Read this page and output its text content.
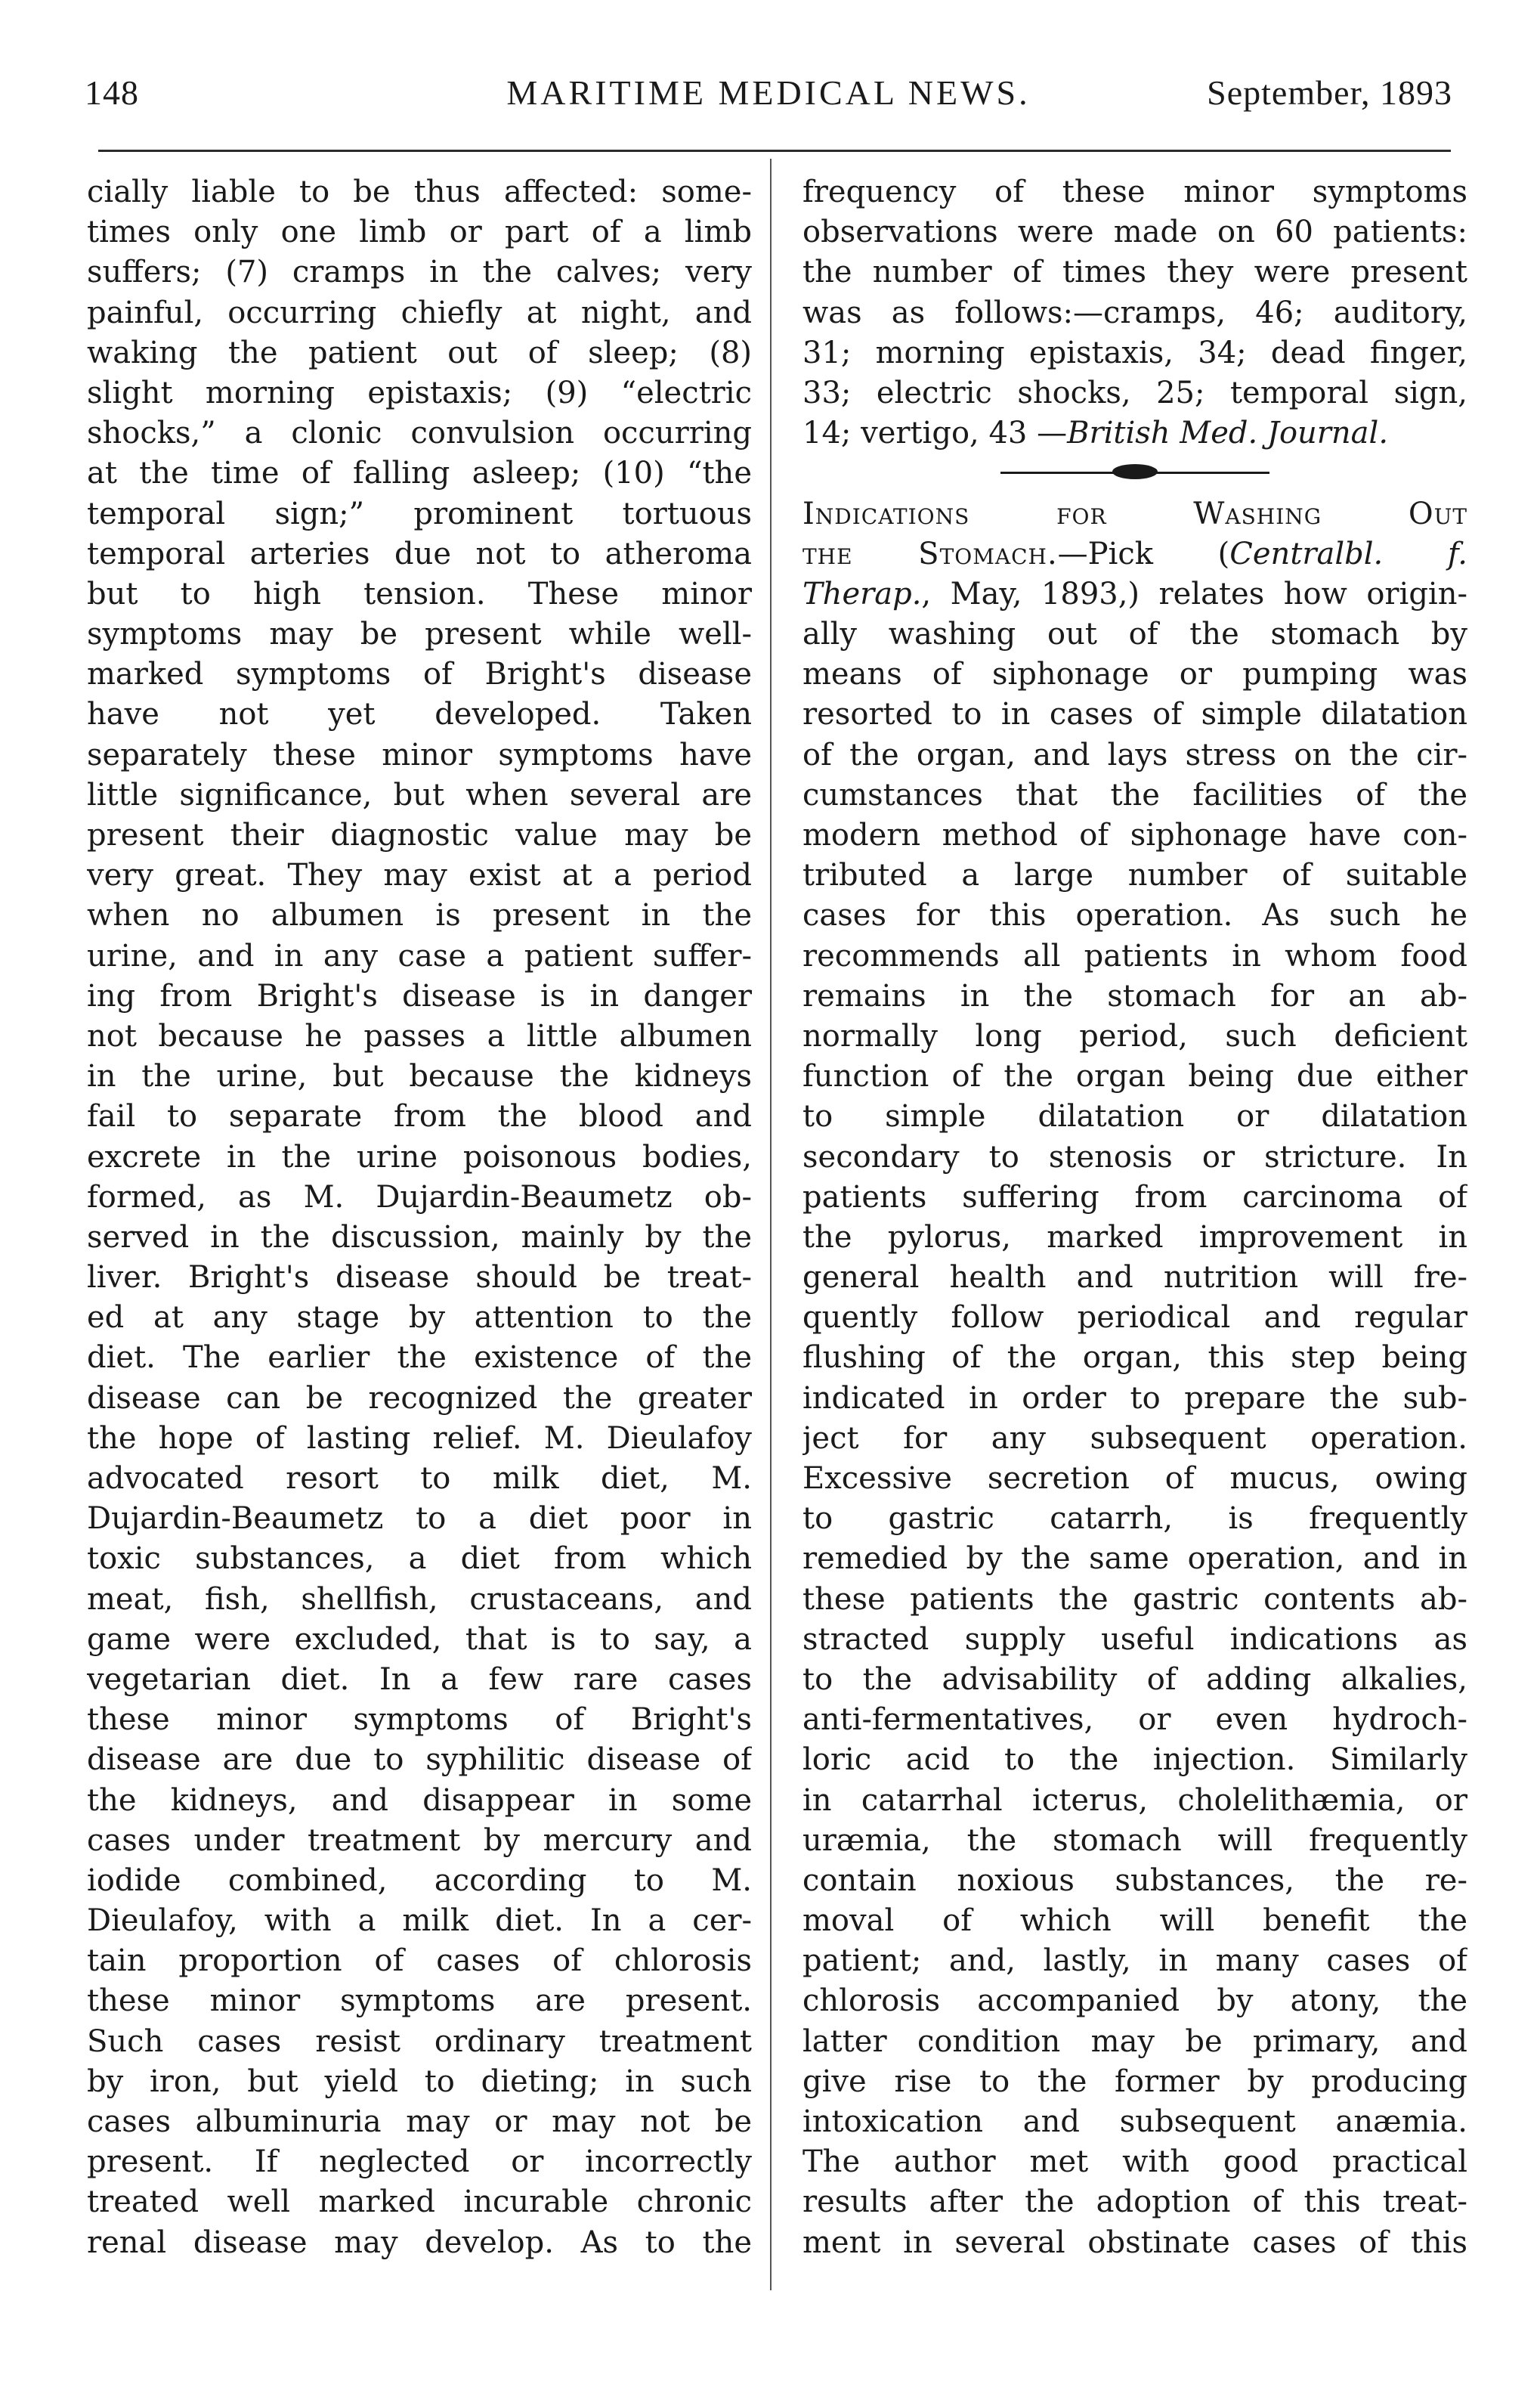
148	MARITIME MEDICAL NEWS.	September, 1893
cially liable to be thus affected: some-
times only one limb or part of a limb
suffers; (7) cramps in the calves; very
painful, occurring chiefly at night, and
waking the patient out of sleep; (8)
slight morning epistaxis; (9) “electric
shocks,” a clonic convulsion occurring
at the time of falling asleep; (10) “the
temporal sign;” prominent tortuous
temporal arteries due not to atheroma
but to high tension. These minor
symptoms may be present while well-
marked symptoms of Bright's disease
have not yet developed. Taken
separately these minor symptoms have
little significance, but when several are
present their diagnostic value may be
very great. They may exist at a period
when no albumen is present in the
urine, and in any case a patient suffer-
ing from Bright's disease is in danger
not because he passes a little albumen
in the urine, but because the kidneys
fail to separate from the blood and
excrete in the urine poisonous bodies,
formed, as M. Dujardin-Beaumetz ob-
served in the discussion, mainly by the
liver. Bright's disease should be treat-
ed at any stage by attention to the
diet. The earlier the existence of the
disease can be recognized the greater
the hope of lasting relief. M. Dieulafoy
advocated resort to milk diet, M.
Dujardin-Beaumetz to a diet poor in
toxic substances, a diet from which
meat, fish, shellfish, crustaceans, and
game were excluded, that is to say, a
vegetarian diet. In a few rare cases
these minor symptoms of Bright's
disease are due to syphilitic disease of
the kidneys, and disappear in some
cases under treatment by mercury and
iodide combined, according to M.
Dieulafoy, with a milk diet. In a cer-
tain proportion of cases of chlorosis
these minor symptoms are present.
Such cases resist ordinary treatment
by iron, but yield to dieting; in such
cases albuminuria may or may not be
present. If neglected or incorrectly
treated well marked incurable chronic
renal disease may develop. As to the
frequency of these minor symptoms
observations were made on 60 patients:
the number of times they were present
was as follows:—cramps, 46; auditory,
31; morning epistaxis, 34; dead finger,
33; electric shocks, 25; temporal sign,
14; vertigo, 43 —British Med. Journal.
Indications for Washing Out
the Stomach.—Pick (Centralbl. f.
Therap., May, 1893,) relates how origin-
ally washing out of the stomach by
means of siphonage or pumping was
resorted to in cases of simple dilatation
of the organ, and lays stress on the cir-
cumstances that the facilities of the
modern method of siphonage have con-
tributed a large number of suitable
cases for this operation. As such he
recommends all patients in whom food
remains in the stomach for an ab-
normally long period, such deficient
function of the organ being due either
to simple dilatation or dilatation
secondary to stenosis or stricture. In
patients suffering from carcinoma of
the pylorus, marked improvement in
general health and nutrition will fre-
quently follow periodical and regular
flushing of the organ, this step being
indicated in order to prepare the sub-
ject for any subsequent operation.
Excessive secretion of mucus, owing
to gastric catarrh, is frequently
remedied by the same operation, and in
these patients the gastric contents ab-
stracted supply useful indications as
to the advisability of adding alkalies,
anti-fermentatives, or even hydroch-
loric acid to the injection. Similarly
in catarrhal icterus, cholelithæmia, or
uræmia, the stomach will frequently
contain noxious substances, the re-
moval of which will benefit the
patient; and, lastly, in many cases of
chlorosis accompanied by atony, the
latter condition may be primary, and
give rise to the former by producing
intoxication and subsequent anæmia.
The author met with good practical
results after the adoption of this treat-
ment in several obstinate cases of this
